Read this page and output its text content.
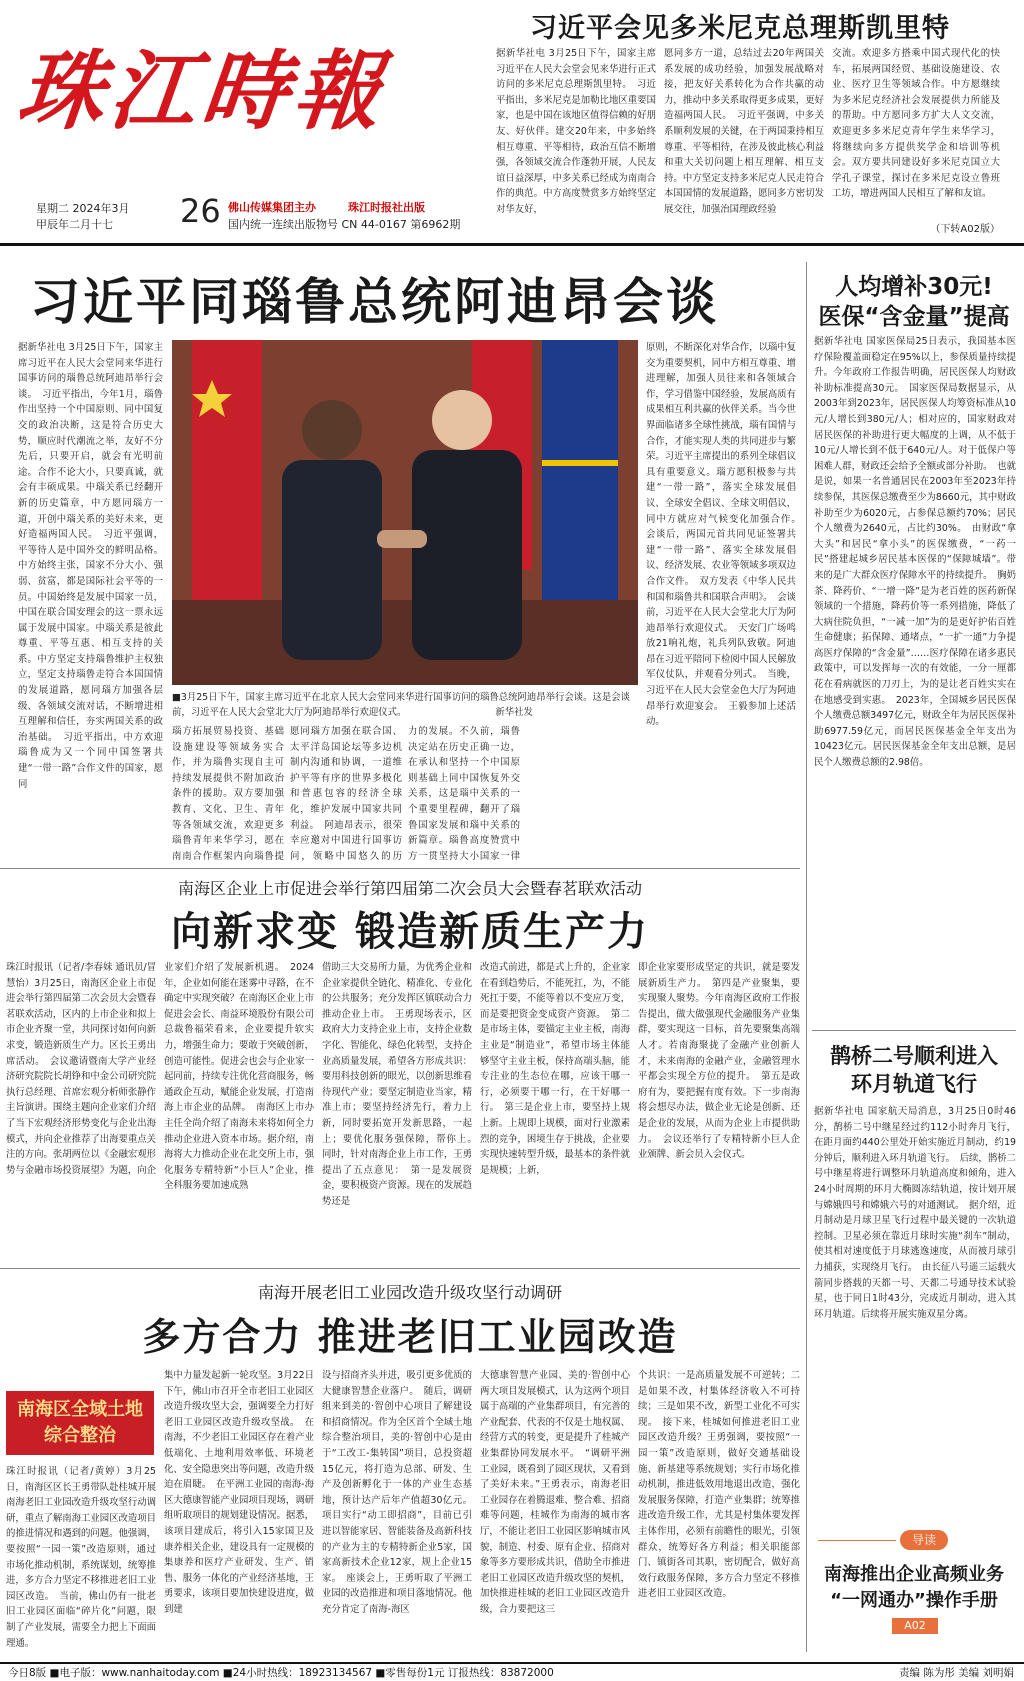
珠江時報
星期二 2024年3月
甲辰年二月十七 26 佛山传媒集团主办	珠江时报社出版
国内统一连续出版物号 CN 44-0167 第6962期
习近平会见多米尼克总理斯凯里特
据新华社电 3月25日下午，国家主席习近平在人民大会堂会见来华进行正式访问的多米尼克总理斯凯里特。　习近平指出，多米尼克是加勒比地区重要国家，也是中国在该地区值得信赖的好朋友、好伙伴。建交20年来，中多始终相互尊重、平等相待，政治互信不断增强，各领域交流合作蓬勃开展，人民友谊日益深厚，中多关系已经成为南南合作的典范。中方高度赞赏多方始终坚定对华友好，
愿同多方一道，总结过去20年两国关系发展的成功经验，加强发展战略对接，把友好关系转化为合作共赢的动力，推动中多关系取得更多成果，更好造福两国人民。　习近平强调，中多关系顺利发展的关键，在于两国秉持相互尊重、平等相待，在涉及彼此核心利益和重大关切问题上相互理解、相互支持。中方坚定支持多米尼克人民走符合本国国情的发展道路，愿同多方密切发展交往，加强治国理政经验
交流。欢迎多方搭乘中国式现代化的快车，拓展两国经贸、基础设施建设、农业、医疗卫生等领域合作。中方愿继续为多米尼克经济社会发展提供力所能及的帮助。中方愿同多方扩大人文交流，欢迎更多多米尼克青年学生来华学习，将继续向多方提供奖学金和培训等机会。双方要共同建设好多米尼克国立大学孔子课堂，探讨在多米尼克设立鲁班工坊，增进两国人民相互了解和友谊。
（下转A02版）
习近平同瑙鲁总统阿迪昂会谈
据新华社电 3月25日下午，国家主席习近平在人民大会堂同来华进行国事访问的瑙鲁总统阿迪昂举行会谈。　习近平指出，今年1月，瑙鲁作出坚持一个中国原则、同中国复交的政治决断，这是符合历史大势，顺应时代潮流之举，友好不分先后，只要开启，就会有光明前途。合作不论大小，只要真诚，就会有丰硕成果。中瑙关系已经翻开新的历史篇章，中方愿同瑙方一道，开创中瑙关系的美好未来，更好造福两国人民。　习近平强调，平等待人是中国外交的鲜明品格。中方始终主张，国家不分大小、强弱、贫富，都是国际社会平等的一员。中国始终是发展中国家一员，中国在联合国安理会的这一票永远属于发展中国家。中瑙关系是彼此尊重、平等互惠、相互支持的关系。中方坚定支持瑙鲁维护主权独立，坚定支持瑙鲁走符合本国国情的发展道路，愿同瑙方加强各层级、各领域交流对话，不断增进相互理解和信任，夯实两国关系的政治基础。　习近平指出，中方欢迎瑙鲁成为又一个同中国签署共建“一带一路”合作文件的国家，愿同
■3月25日下午，国家主席习近平在北京人民大会堂同来华进行国事访问的瑙鲁总统阿迪昂举行会谈。这是会谈前，习近平在人民大会堂北大厅为阿迪昂举行欢迎仪式。　　　　　　　　　　新华社发
瑙方拓展贸易投资、基础设施建设等领域务实合作，并为瑙鲁实现自主可持续发展提供不附加政治条件的援助。双方要加强教育、文化、卫生、青年等各领域交流，欢迎更多瑙鲁青年来华学习，愿在南南合作框架内向瑙鲁提
愿同瑙方加强在联合国、太平洋岛国论坛等多边机制内沟通和协调，一道维护平等有序的世界多极化和普惠包容的经济全球化，维护发展中国家共同利益。　阿迪昂表示，很荣幸应邀对中国进行国事访问，领略中国悠久的历
力的发展。不久前，瑙鲁决定站在历史正确一边，在承认和坚持一个中国原则基础上同中国恢复外交关系，这是瑙中关系的一个重要里程碑，翻开了瑙鲁国家发展和瑙中关系的新篇章。瑙鲁高度赞赏中方一贯坚持大小国家一律
原则，不断深化对华合作，以瑙中复交为重要契机，同中方相互尊重、增进理解，加强人员往来和各领域合作，学习借鉴中国经验，发展高质有成果相互利共赢的伙伴关系。当今世界面临诸多全球性挑战，瑙有国情与合作，才能实现人类的共同进步与繁荣。习近平主席提出的系列全球倡议具有重要意义。瑙方愿积极参与共建“一带一路”，落实全球发展倡议、全球安全倡议、全球文明倡议，同中方就应对气候变化加强合作。　会谈后，两国元首共同见证签署共建“一带一路”、落实全球发展倡议、经济发展、农业等领域多项双边合作文件。　双方发表《中华人民共和国和瑙鲁共和国联合声明》。　会谈前，习近平在人民大会堂北大厅为阿迪昂举行欢迎仪式。　天安门广场鸣放21响礼炮，礼兵列队致敬。阿迪昂在习近平陪同下检阅中国人民解放军仪仗队，并观看分列式。　当晚，习近平在人民大会堂金色大厅为阿迪昂举行欢迎宴会。　王毅参加上述活动。
人均增补30元!
医保“含金量”提高
据新华社电 国家医保局25日表示，我国基本医疗保险覆盖面稳定在95%以上，参保质量持续提升。今年政府工作报告明确，居民医保人均财政补助标准提高30元。　国家医保局数据显示，从2003年到2023年，居民医保人均筹资标准从10元/人增长到380元/人；相对应的，国家财政对居民医保的补助进行更大幅度的上调，从不低于10元/人增长到不低于640元/人。对于低保户等困难人群，财政还会给予全额或部分补助。　也就是说，如果一名普通居民在2003年至2023年持续参保，其医保总缴费至少为8660元，其中财政补助至少为6020元，占参保总额约70%；居民个人缴费为2640元，占比约30%。　由财政“拿大头”和居民“拿小头”的医保缴费，“一药一民”搭建起城乡居民基本医保的“保障城墙”。带来的是广大群众医疗保障水平的持续提升。　胸奶茶、降药价、“一增一降”是为老百姓的医药新保领域的一个措施，降药价等一系列措施，降低了大病住院负担，“一减一加”为的是更好护佑百姓生命健康；拓保障、通堵点，“一扩一通”力争提高医疗保障的“含金量”……医疗保障在诸多惠民政策中，可以发挥每一次的有效能，一分一厘都花在看病就医的刀刃上，为的是让老百姓实实在在地感受到实惠。　2023年，全国城乡居民医保个人缴费总额3497亿元，财政全年为居民医保补助6977.59亿元，而居民医保基金全年支出为10423亿元。居民医保基金全年支出总额，是居民个人缴费总额的2.98倍。
鹊桥二号顺利进入
环月轨道飞行
据新华社电 国家航天局消息，3月25日0时46分，鹊桥二号中继星经过约112小时奔月飞行，在距月面约440公里处开始实施近月制动，约19分钟后，顺利进入环月轨道飞行。　后续，鹊桥二号中继星将进行调整环月轨道高度和倾角，进入24小时周期的环月大椭圆冻结轨道，按计划开展与嫦娥四号和嫦娥六号的对通测试。　据介绍，近月制动是月球卫星飞行过程中最关键的一次轨道控制。卫星必须在靠近月球时实施“刹车”制动，使其相对速度低于月球逃逸速度，从而被月球引力捕获，实现绕月飞行。　由长征八号遥三运载火箭同步搭载的天都一号、天都二号通导技术试验星，也于同日1时43分，完成近月制动，进入其环月轨道。后续将开展实施双星分离。
导读
南海推出企业高频业务
“一网通办”操作手册
A02
南海区企业上市促进会举行第四届第二次会员大会暨春茗联欢活动
向新求变 锻造新质生产力
珠江时报讯（记者/李春妹 通讯员/冒慧怡）3月25日，南海区企业上市促进会举行第四届第二次会员大会暨春茗联欢活动，区内的上市企业和拟上市企业齐聚一堂，共同探讨如何向新求变，锻造新质生产力。区长王勇出席活动。　会议邀请暨南大学产业经济研究院院长胡铮和中金公司研究院执行总经理、首席宏观分析师张静作主旨演讲。围绕主题向企业家们介绍了当下宏观经济形势变化与企业出海模式，并向企业推荐了出海要重点关注的方向。张胡两位以《金融宏观形势与金融市场投资展望》为题，向企
业家们介绍了发展新机遇。　2024年，企业如何能在迷雾中寻路，在不确定中实现突破？在南海区企业上市促进会会长、南益环境股份有限公司总裁鲁福荣看来，企业要提升软实力，增强生命力；要敢于突破创新，创造可能性。促进会也会与企业家一起同前，持续专注优化营商服务，畅通政企互动，赋能企业发展，打造南海上市企业的品牌。　南海区上市办主任全尚介绍了南海未来将如何全力推动企业进入资本市场。据介绍，南海将大力推动企业在北交所上市，强化服务专精特新“小巨人”企业，推全科服务要加速成熟
借助三大交易所力量，为优秀企业和企业家提供全链化、精准化、专业化的公共服务；充分发挥区镇联动合力推动企业上市。　王勇现场表示，区政府大力支持企业上市，支持企业数字化、智能化、绿色化转型，支持企业高质量发展，希望各方形成共识：要用科技创新的眼光，以创新思维看待现代产业；要坚定制造业当家，精准上市；要坚持经济先行，着力上新，同时要拓宽开发新思路，一起上；要优化服务强保障，帮你上。　同时，针对南海企业上市工作，王勇提出了五点意见：　第一是发展资金，要积极资产资源。现在的发展趋势还是
改造式前进，都是式上升的，企业家在看到趋势后，不能死扛，为，不能死扛于要，不能等着以不变应万变，而是要把资金变成资产资源。　第二是市场主体，要锚定主业主板，南海主业是“制造业”，希望市场主体能够坚守主业主板，保持高端头脑，能专注业的生态位在哪，应该干哪一行，必须要干哪一行，在干好哪一行。　第三是企业上市，要坚持上规上新。上规即上规模，面对行业激素烈的竞争，困境生存于挑战，企业要实现快速转型升级，最基本的条件就是规模；上新，
即企业家要形成坚定的共识，就是要发展新质生产力。　第四是产业聚集，要实现聚人聚势。今年南海区政府工作报告提出，做大做强现代金融服务产业集群，要实现这一目标，首先要聚集高端人才。若南海聚拢了金融产业创新人才，未来南海的金融产业，金融管理水平都会实现全方位的提升。　第五是政府有为，要把握有度有效。下一步南海将会想尽办法，做企业无论是创新、还是企业的发展，从而为企业上市提供助力。　会议还举行了专精特新小巨人企业颁牌、新会员入会仪式。
南海开展老旧工业园改造升级攻坚行动调研
多方合力 推进老旧工业园改造
南海区全域土地
综合整治
珠江时报讯（记者/黄婷）3月25日，南海区区长王勇带队赴桂城开展南海老旧工业园改造升级攻坚行动调研，重点了解南海工业园区改造项目的推进情况和遇到的问题。他强调，要按照“一园一策”改造原则，通过市场化推动机制，系统谋划，统筹推进，多方合力坚定不移推进老旧工业园区改造。　当前，佛山仍有一批老旧工业园区面临“碎片化”问题，限制了产业发展，需要全力把上下面面理通。
集中力量发起新一轮攻坚。3月22日下午，佛山市召开全市老旧工业园区改造升级攻坚大会，强调要全力打好老旧工业园区改造升级攻坚战。　在南海，不少老旧工业园区存在着产业低端化、土地利用效率低、环境老化、安全隐患突出等问题，改造升级迫在眉睫。　在平洲工业园的南海-海区大德康智能产业园项目现场，调研组听取项目的规划建设情况。据悉，该项目建成后，将引入15家国卫及康养相关企业，建设具有一定规模的集康养和医疗产业研发、生产、销售、服务一体化的产业经济基地，王勇要求，该项目要加快建设进度，做到建
设与招商齐头并进，吸引更多优质的大健康智慧企业落户。　随后，调研组来到美的·智创中心项目了解建设和招商情况。作为全区首个全域土地综合整治项目，美的·智创中心是由于“工改工-集转国”项目，总投资超15亿元，将打造为总部、研发、生产及创新孵化于一体的产业生态基地，预计达产后年产值超30亿元。项目实行“动工即招商”，目前已引进以智能家居、智能装备及高新科技的产业为主的专精特新企业5家，国家高新技术企业12家，规上企业15家。　座谈会上，王勇听取了平洲工业园的改造推进和项目落地情况。他充分肯定了南海-海区
大德康智慧产业园、美的·智创中心两大项目发展模式，认为这两个项目属于高端的产业集群项目，有完善的产业配套、代表的不仅是土地权属、经营方式的转变，更是提升了桂城产业集群协同发展水平。　“调研平洲工业园，既看到了园区现状，又看到了美好未来。”王勇表示，南海老旧工业园存在着腾退难、整合难、招商难等问题，桂城作为南海的城市客厅，不能让老旧工业园区影响城市风貌，制造、村委、原有企业、招商对象等多方要形成共识，借助全市推进老旧工业园区改造升级攻坚的契机，加快推进桂城的老旧工业园区改造升级，合力要把这三
个共识：一是高质量发展不可逆转；二是如果不改，村集体经济收入不可持续；三是如果不改，新型工业化不可实现。　接下来，桂城如何推进老旧工业园区改造升级？王勇强调，要按照“一园一策”改造原则，做好交通基础设施、新基建等系统规划；实行市场化推动机制，推进低效用地退出改造，强化发展服务保障，打造产业集群；统筹推进改造升级工作，尤其是村集体要发挥主体作用，必须有前瞻性的眼光，引领群众，统筹好各方利益；相关职能部门、镇街各司其职，密切配合，做好高效行政服务保障，多方合力坚定不移推进老旧工业园区改造。
今日8版 ■电子版：www.nanhaitoday.com ■24小时热线：18923134567 ■零售每份1元 订报热线：83872000	责编 陈为彤 美编 刘明娟
